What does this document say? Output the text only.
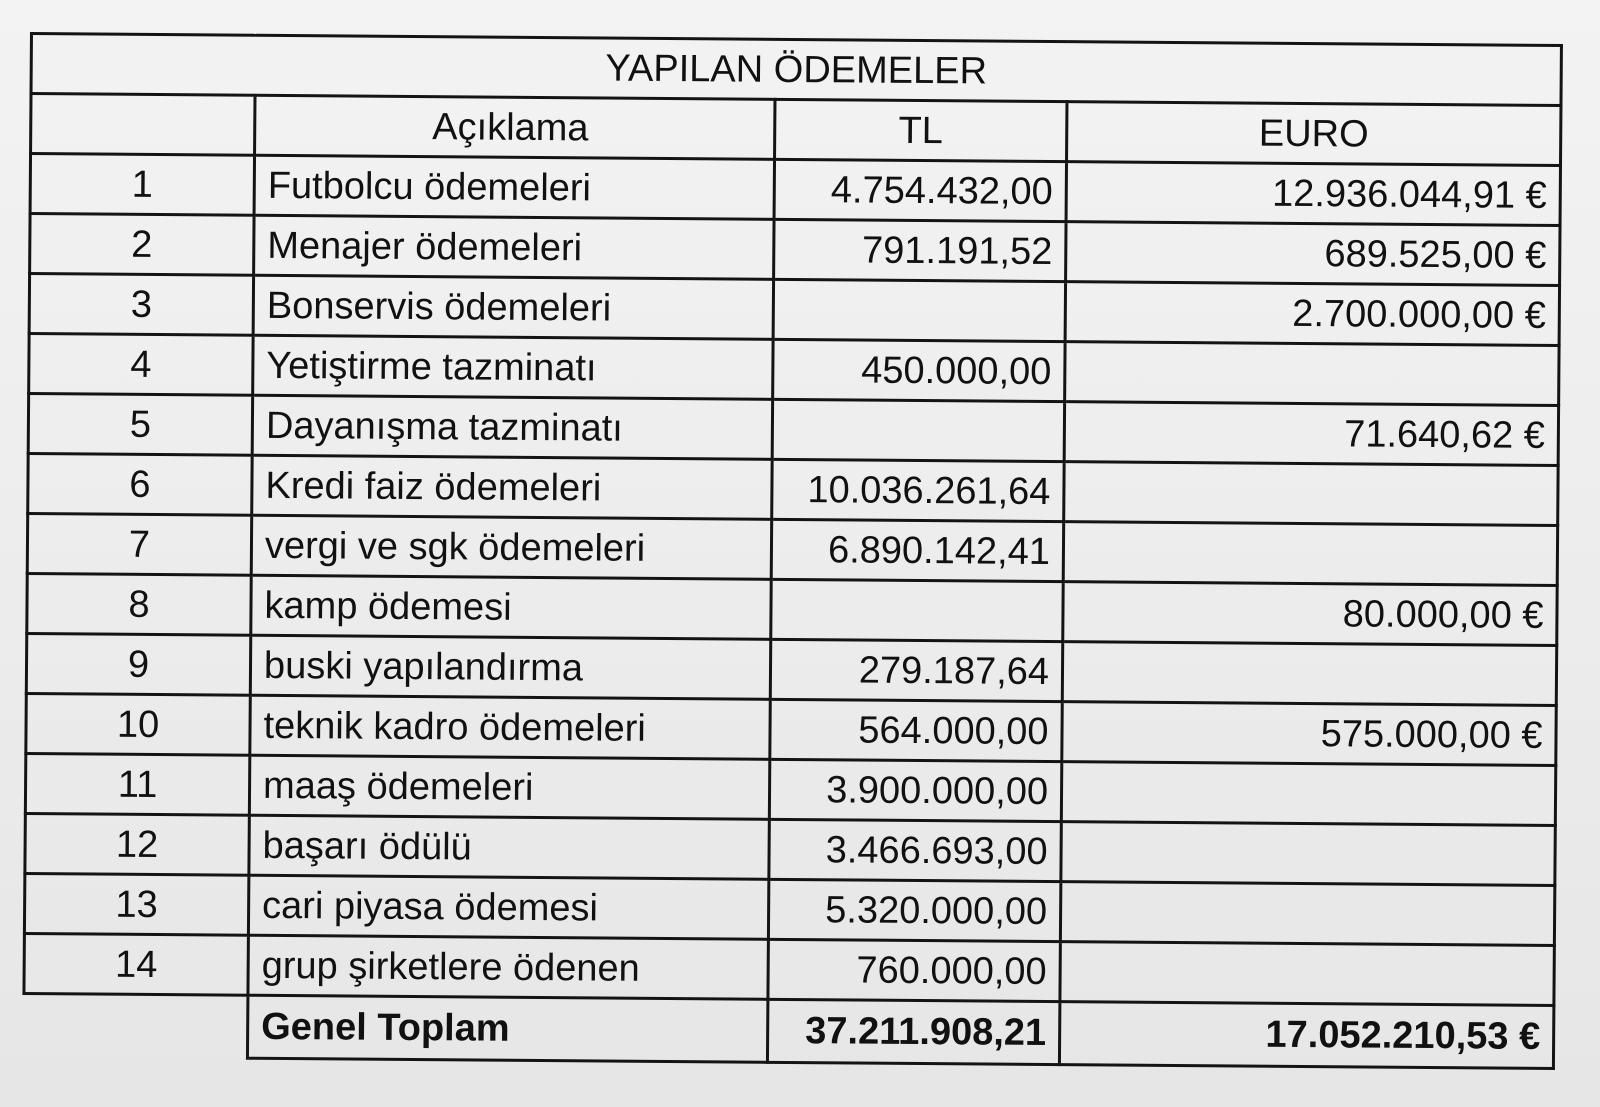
YAPILAN ÖDEMELER			
	Açıklama	TL	EURO
1	Futbolcu ödemeleri	4.754.432,00	12.936.044,91 €
2	Menajer ödemeleri	791.191,52	689.525,00 €
3	Bonservis ödemeleri		2.700.000,00 €
4	Yetiştirme tazminatı	450.000,00	
5	Dayanışma tazminatı		71.640,62 €
6	Kredi faiz ödemeleri	10.036.261,64	
7	vergi ve sgk ödemeleri	6.890.142,41	
8	kamp ödemesi		80.000,00 €
9	buski yapılandırma	279.187,64	
10	teknik kadro ödemeleri	564.000,00	575.000,00 €
11	maaş ödemeleri	3.900.000,00	
12	başarı ödülü	3.466.693,00	
13	cari piyasa ödemesi	5.320.000,00	
14	grup şirketlere ödenen	760.000,00	
	Genel Toplam	37.211.908,21	17.052.210,53 €
